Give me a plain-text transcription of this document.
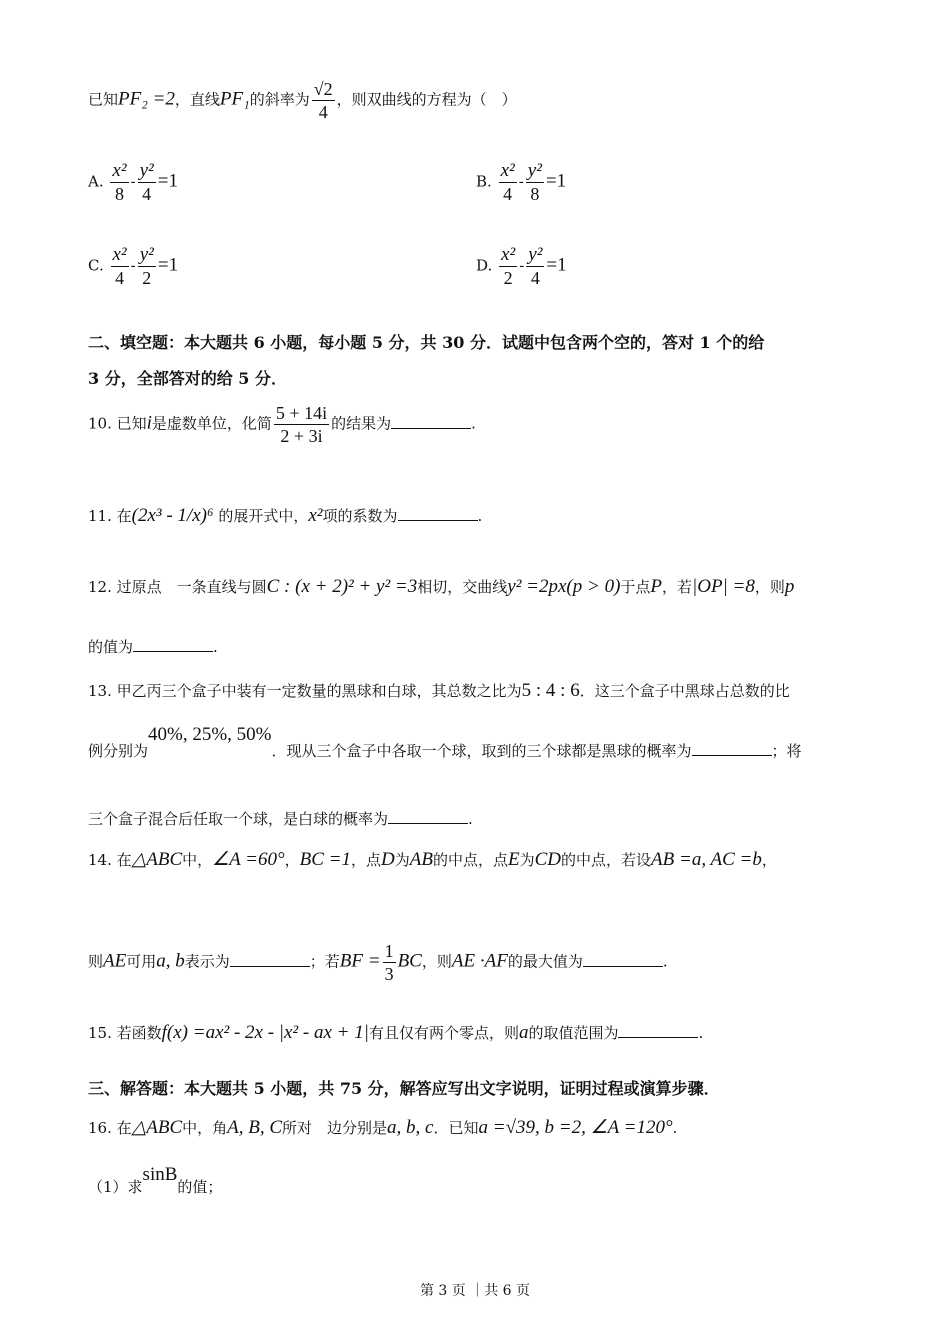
已知PF₂ =2，直线PF₁的斜率为 $\frac{√2}{4}$ ，则双曲线的方程为（　）
A. $\frac{\text{x²}}{8} - \frac{\text{y²}}{4} =1$	B. $\frac{\text{x²}}{4} - \frac{\text{y²}}{8} =1$
C. $\frac{\text{x²}}{4} - \frac{\text{y²}}{2} =1$	D. $\frac{\text{x²}}{2} - \frac{\text{y²}}{4} =1$
二、填空题：本大题共 6 小题，每小题 5 分，共 30 分．试题中包含两个空的，答对 1 个的给
3 分，全部答对的给 5 分．
10. 已知i是虚数单位，化简 $\frac{5 + 14i}{2 + 3i}$ 的结果为	.
11. 在(2x³ - 1/x)⁶ 的展开式中，x²项的系数为	.
12. 过原点　一条直线与圆C : (x + 2)² + y² =3相切，交曲线y² =2px(p > 0)于点P，若|OP| =8，则p
的值为	.
13. 甲乙丙三个盒子中装有一定数量的黑球和白球，其总数之比为5 : 4 : 6．这三个盒子中黑球占总数的比
例分别为40%, 25%, 50%．现从三个盒子中各取一个球，取到的三个球都是黑球的概率为	；将
三个盒子混合后任取一个球，是白球的概率为	.
14. 在△ABC中，∠A =60°，BC =1，点D为AB的中点，点E为CD的中点，若设AB =a, AC =b，
则AE可用a, b表示为	；若BF = $\frac{1}{3}$ BC，则AE ·AF的最大值为	.
15. 若函数f(x) =ax² - 2x - |x² - ax + 1|有且仅有两个零点，则a的取值范围为	.
三、解答题：本大题共 5 小题，共 75 分，解答应写出文字说明，证明过程或演算步骤．
16. 在△ABC中，角A, B, C所对　边分别是a, b, c．已知a =√39, b =2, ∠A =120°.
（1）求sinB的值；
第 3 页 ｜共 6 页
